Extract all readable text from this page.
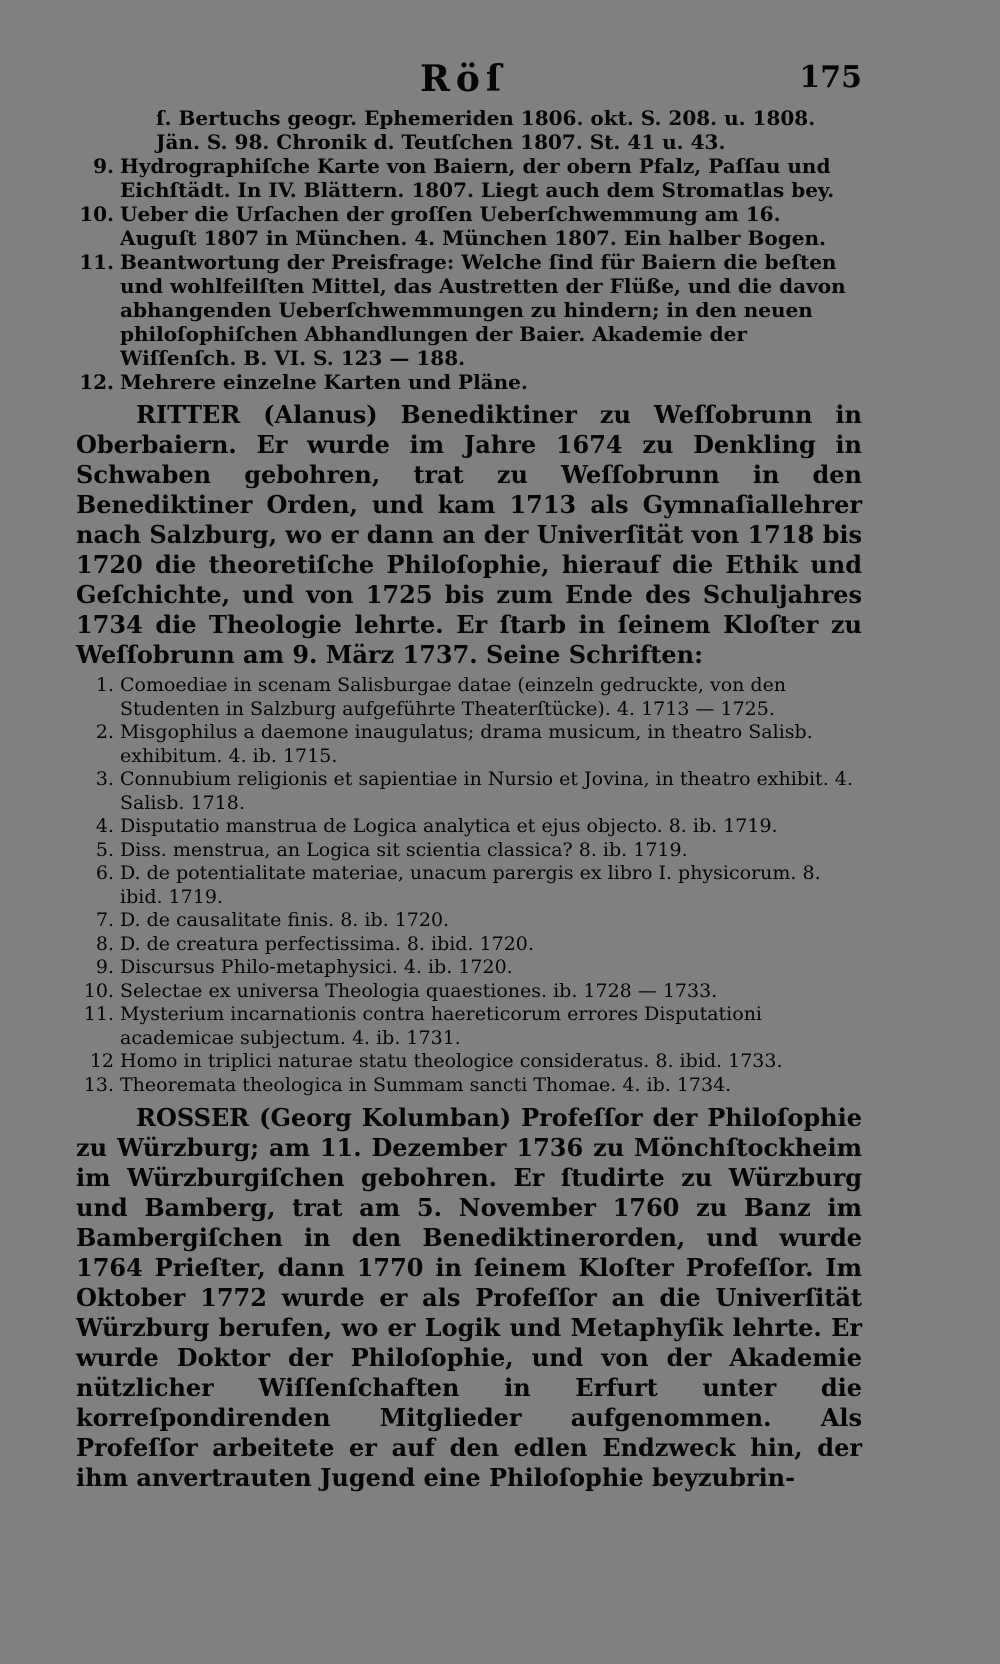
Röſ	175
ſ. Bertuchs geogr. Ephemeriden 1806. okt. S. 208. u. 1808. Jän. S. 98. Chronik d. Teutſchen 1807. St. 41 u. 43.
9. Hydrographiſche Karte von Baiern, der obern Pfalz, Paſſau und Eichſtädt. In IV. Blättern. 1807. Liegt auch dem Stromatlas bey.
10. Ueber die Urſachen der groſſen Ueberſchwemmung am 16. Auguſt 1807 in München. 4. München 1807. Ein halber Bogen.
11. Beantwortung der Preisfrage: Welche ſind für Baiern die beſten und wohlfeilſten Mittel, das Austretten der Flüße, und die davon abhangenden Ueberſchwemmungen zu hindern; in den neuen philoſophiſchen Abhandlungen der Baier. Akademie der Wiſſenſch. B. VI. S. 123 — 188.
12. Mehrere einzelne Karten und Pläne.

RITTER (Alanus) Benediktiner zu Weſſobrunn in Oberbaiern. Er wurde im Jahre 1674 zu Denkling in Schwaben gebohren, trat zu Weſſobrunn in den Benediktiner Orden, und kam 1713 als Gymnaſiallehrer nach Salzburg, wo er dann an der Univerſität von 1718 bis 1720 die theoretiſche Philoſophie, hierauf die Ethik und Geſchichte, und von 1725 bis zum Ende des Schuljahres 1734 die Theologie lehrte. Er ſtarb in ſeinem Kloſter zu Weſſobrunn am 9. März 1737. Seine Schriften:

1. Comoediae in scenam Salisburgae datae (einzeln gedruckte, von den Studenten in Salzburg aufgeführte Theaterſtücke). 4. 1713 — 1725.
2. Misgophilus a daemone inaugulatus; drama musicum, in theatro Salisb. exhibitum. 4. ib. 1715.
3. Connubium religionis et sapientiae in Nursio et Jovina, in theatro exhibit. 4. Salisb. 1718.
4. Disputatio manstrua de Logica analytica et ejus objecto. 8. ib. 1719.
5. Diss. menstrua, an Logica sit scientia classica? 8. ib. 1719.
6. D. de potentialitate materiae, unacum parergis ex libro I. physicorum. 8. ibid. 1719.
7. D. de causalitate finis. 8. ib. 1720.
8. D. de creatura perfectissima. 8. ibid. 1720.
9. Discursus Philo-metaphysici. 4. ib. 1720.
10. Selectae ex universa Theologia quaestiones. ib. 1728 — 1733.
11. Mysterium incarnationis contra haereticorum errores Disputationi academicae subjectum. 4. ib. 1731.
12 Homo in triplici naturae statu theologice consideratus. 8. ibid. 1733.
13. Theoremata theologica in Summam sancti Thomae. 4. ib. 1734.

ROSSER (Georg Kolumban) Profeſſor der Philoſophie zu Würzburg; am 11. Dezember 1736 zu Mönchſtockheim im Würzburgiſchen gebohren. Er ſtudirte zu Würzburg und Bamberg, trat am 5. November 1760 zu Banz im Bambergiſchen in den Benediktinerorden, und wurde 1764 Prieſter, dann 1770 in ſeinem Kloſter Profeſſor. Im Oktober 1772 wurde er als Profeſſor an die Univerſität Würzburg berufen, wo er Logik und Metaphyſik lehrte. Er wurde Doktor der Philoſophie, und von der Akademie nützlicher Wiſſenſchaften in Erfurt unter die korreſpondirenden Mitglieder aufgenommen. Als Profeſſor arbeitete er auf den edlen Endzweck hin, der ihm anvertrauten Jugend eine Philoſophie beyzubrin-
